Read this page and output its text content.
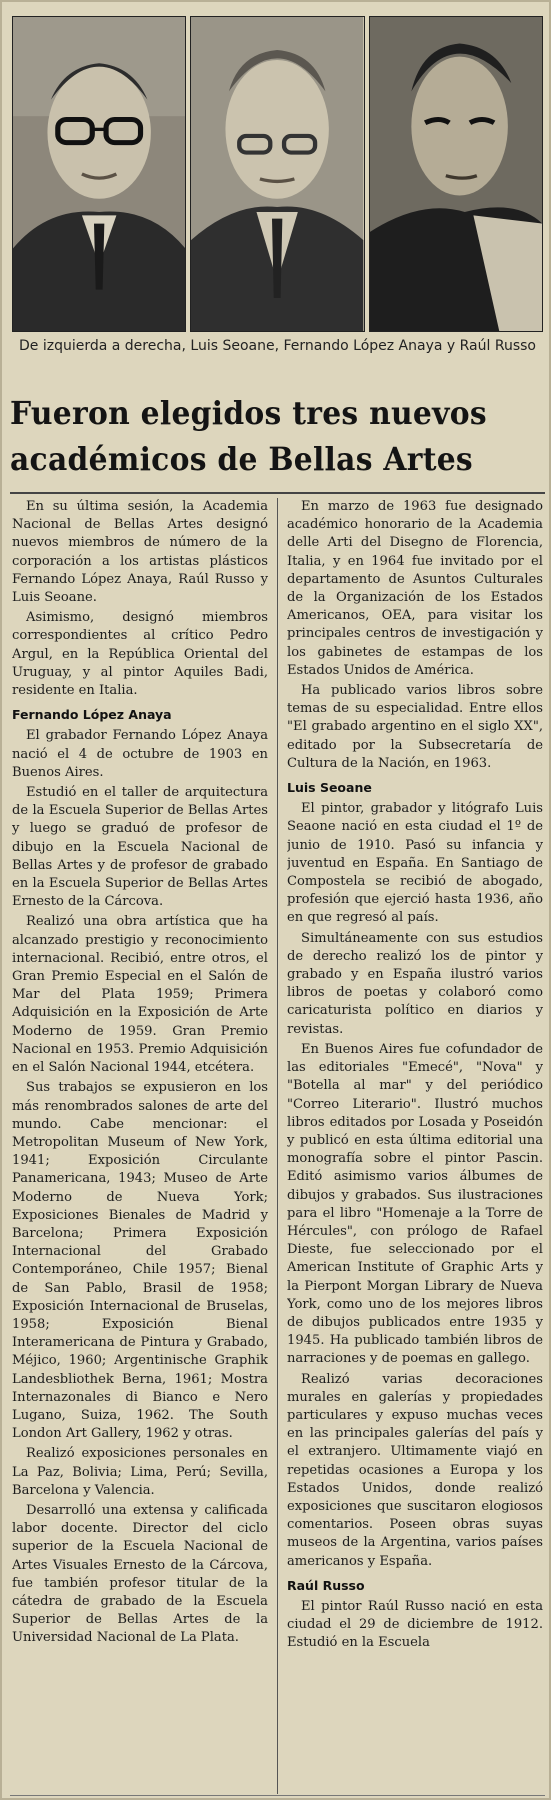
De izquierda a derecha, Luis Seoane, Fernando López Anaya y Raúl Russo
Fueron elegidos tres nuevos académicos de Bellas Artes

En su última sesión, la Academia Nacional de Bellas Artes designó nuevos miembros de número de la corporación a los artistas plásticos Fernando López Anaya, Raúl Russo y Luis Seoane.

Asimismo, designó miembros correspondientes al crítico Pedro Argul, en la República Oriental del Uruguay, y al pintor Aquiles Badi, residente en Italia.

Fernando López Anaya

El grabador Fernando López Anaya nació el 4 de octubre de 1903 en Buenos Aires.

Estudió en el taller de arquitectura de la Escuela Superior de Bellas Artes y luego se graduó de profesor de dibujo en la Escuela Nacional de Bellas Artes y de profesor de grabado en la Escuela Superior de Bellas Artes Ernesto de la Cárcova.

Realizó una obra artística que ha alcanzado prestigio y reconocimiento internacional. Recibió, entre otros, el Gran Premio Especial en el Salón de Mar del Plata 1959; Primera Adquisición en la Exposición de Arte Moderno de 1959. Gran Premio Nacional en 1953. Premio Adquisición en el Salón Nacional 1944, etcétera.

Sus trabajos se expusieron en los más renombrados salones de arte del mundo. Cabe mencionar: el Metropolitan Museum of New York, 1941; Exposición Circulante Panamericana, 1943; Museo de Arte Moderno de Nueva York; Exposiciones Bienales de Madrid y Barcelona; Primera Exposición Internacional del Grabado Contemporáneo, Chile 1957; Bienal de San Pablo, Brasil de 1958; Exposición Internacional de Bruselas, 1958; Exposición Bienal Interamericana de Pintura y Grabado, Méjico, 1960; Argentinische Graphik Landesbliothek Berna, 1961; Mostra Internazonales di Bianco e Nero Lugano, Suiza, 1962. The South London Art Gallery, 1962 y otras.

Realizó exposiciones personales en La Paz, Bolivia; Lima, Perú; Sevilla, Barcelona y Valencia.

Desarrolló una extensa y calificada labor docente. Director del ciclo superior de la Escuela Nacional de Artes Visuales Ernesto de la Cárcova, fue también profesor titular de la cátedra de grabado de la Escuela Superior de Bellas Artes de la Universidad Nacional de La Plata.

En marzo de 1963 fue designado académico honorario de la Academia delle Arti del Disegno de Florencia, Italia, y en 1964 fue invitado por el departamento de Asuntos Culturales de la Organización de los Estados Americanos, OEA, para visitar los principales centros de investigación y los gabinetes de estampas de los Estados Unidos de América.

Ha publicado varios libros sobre temas de su especialidad. Entre ellos "El grabado argentino en el siglo XX", editado por la Subsecretaría de Cultura de la Nación, en 1963.

Luis Seoane

El pintor, grabador y litógrafo Luis Seaone nació en esta ciudad el 1º de junio de 1910. Pasó su infancia y juventud en España. En Santiago de Compostela se recibió de abogado, profesión que ejerció hasta 1936, año en que regresó al país.

Simultáneamente con sus estudios de derecho realizó los de pintor y grabado y en España ilustró varios libros de poetas y colaboró como caricaturista político en diarios y revistas.

En Buenos Aires fue cofundador de las editoriales "Emecé", "Nova" y "Botella al mar" y del periódico "Correo Literario". Ilustró muchos libros editados por Losada y Poseidón y publicó en esta última editorial una monografía sobre el pintor Pascin. Editó asimismo varios álbumes de dibujos y grabados. Sus ilustraciones para el libro "Homenaje a la Torre de Hércules", con prólogo de Rafael Dieste, fue seleccionado por el American Institute of Graphic Arts y la Pierpont Morgan Library de Nueva York, como uno de los mejores libros de dibujos publicados entre 1935 y 1945. Ha publicado también libros de narraciones y de poemas en gallego.

Realizó varias decoraciones murales en galerías y propiedades particulares y expuso muchas veces en las principales galerías del país y el extranjero. Ultimamente viajó en repetidas ocasiones a Europa y los Estados Unidos, donde realizó exposiciones que suscitaron elogiosos comentarios. Poseen obras suyas museos de la Argentina, varios países americanos y España.

Raúl Russo

El pintor Raúl Russo nació en esta ciudad el 29 de diciembre de 1912. Estudió en la Escuela
